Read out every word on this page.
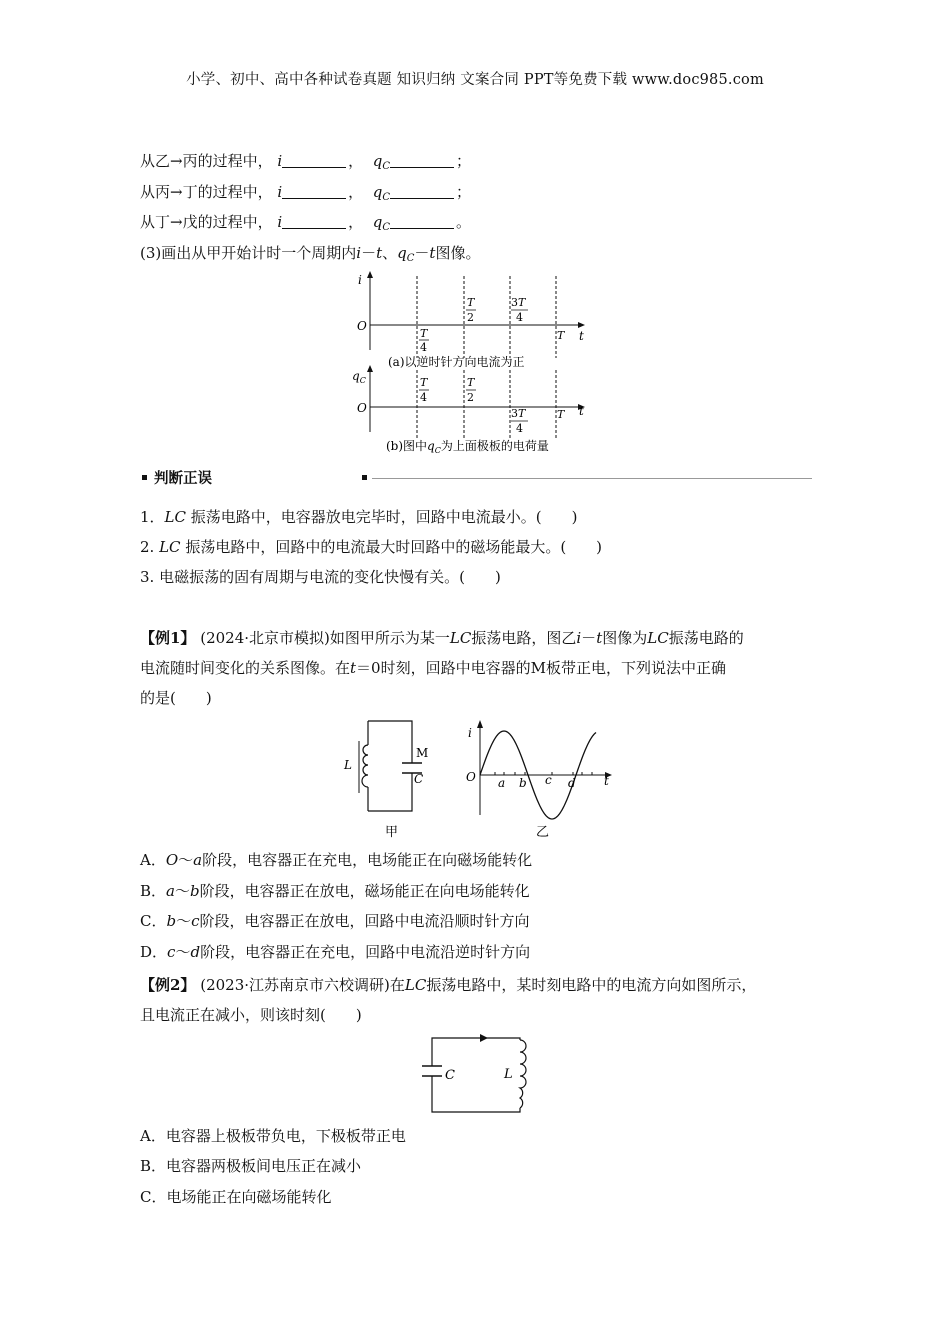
小学、初中、高中各种试卷真题 知识归纳 文案合同 PPT等免费下载 www.doc985.com
从乙→丙的过程中， i	，  $q_C$	；
从丙→丁的过程中， i	，  $q_C$	；
从丁→戊的过程中， i	，  $q_C$	。
(3)画出从甲开始计时一个周期内i－t、$q_C-t$图像。
i
O
t
T
4
T
2
3T
4
T
(a)以逆时针方向电流为正
$q_C$
O	t
T
4
T
2
3T
4
T
(b)图中$q_C$为上面极板的电荷量
判断正误
1．LC 振荡电路中，电容器放电完毕时，回路中电流最小。(　　)
2. LC 振荡电路中，回路中的电流最大时回路中的磁场能最大。(　　)
3. 电磁振荡的固有周期与电流的变化快慢有关。(　　)
【例1】 (2024·北京市模拟)如图甲所示为某一LC振荡电路，图乙i－t图像为LC振荡电路的
电流随时间变化的关系图像。在t＝0时刻，回路中电容器的M板带正电，下列说法中正确
的是(　　)
L
M
C
甲
i
O	t
a b c d
乙
A．O～a阶段，电容器正在充电，电场能正在向磁场能转化
B．a～b阶段，电容器正在放电，磁场能正在向电场能转化
C．b～c阶段，电容器正在放电，回路中电流沿顺时针方向
D．c～d阶段，电容器正在充电，回路中电流沿逆时针方向
【例2】 (2023·江苏南京市六校调研)在LC振荡电路中，某时刻电路中的电流方向如图所示，
且电流正在减小，则该时刻(　　)
C	L
A．电容器上极板带负电，下极板带正电
B．电容器两极板间电压正在减小
C．电场能正在向磁场能转化
